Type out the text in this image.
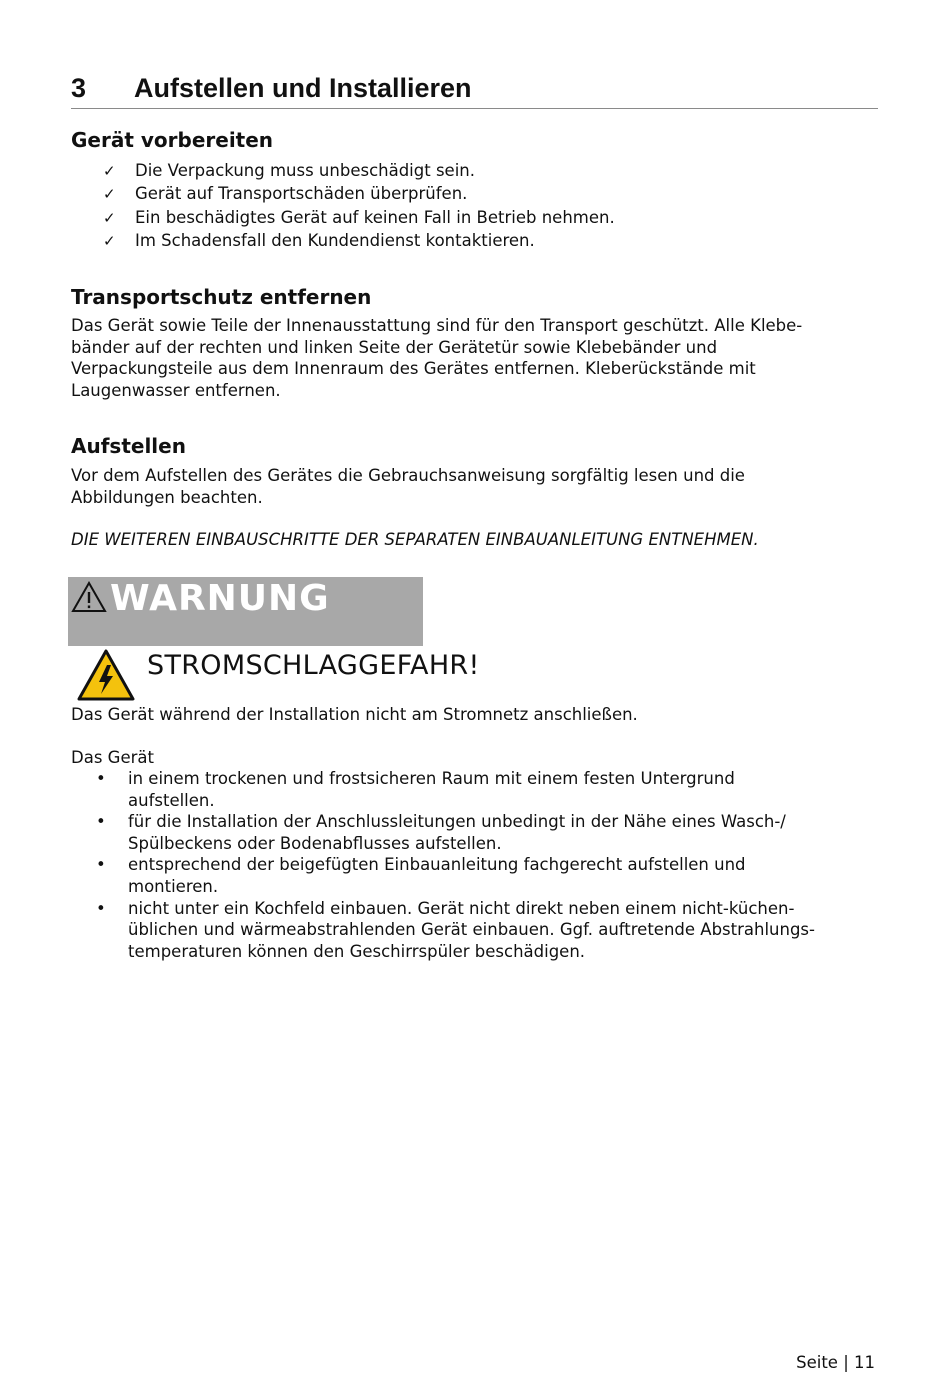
3 Aufstellen und Installieren
Gerät vorbereiten
✓ Die Verpackung muss unbeschädigt sein.
✓ Gerät auf Transportschäden überprüfen.
✓ Ein beschädigtes Gerät auf keinen Fall in Betrieb nehmen.
✓ Im Schadensfall den Kundendienst kontaktieren.
Transportschutz entfernen
Das Gerät sowie Teile der Innenausstattung sind für den Transport geschützt. Alle Klebe-
bänder auf der rechten und linken Seite der Gerätetür sowie Klebebänder und
Verpackungsteile aus dem Innenraum des Gerätes entfernen. Kleberückstände mit
Laugenwasser entfernen.
Aufstellen
Vor dem Aufstellen des Gerätes die Gebrauchsanweisung sorgfältig lesen und die
Abbildungen beachten.
DIE WEITEREN EINBAUSCHRITTE DER SEPARATEN EINBAUANLEITUNG ENTNEHMEN.
WARNUNG
STROMSCHLAGGEFAHR!
Das Gerät während der Installation nicht am Stromnetz anschließen.
Das Gerät
•	in einem trockenen und frostsicheren Raum mit einem festen Untergrund
aufstellen.
•	für die Installation der Anschlussleitungen unbedingt in der Nähe eines Wasch-/
Spülbeckens oder Bodenabflusses aufstellen.
•	entsprechend der beigefügten Einbauanleitung fachgerecht aufstellen und
montieren.
•	nicht unter ein Kochfeld einbauen. Gerät nicht direkt neben einem nicht-küchen-
üblichen und wärmeabstrahlenden Gerät einbauen. Ggf. auftretende Abstrahlungs-
temperaturen können den Geschirrspüler beschädigen.
Seite | 11
